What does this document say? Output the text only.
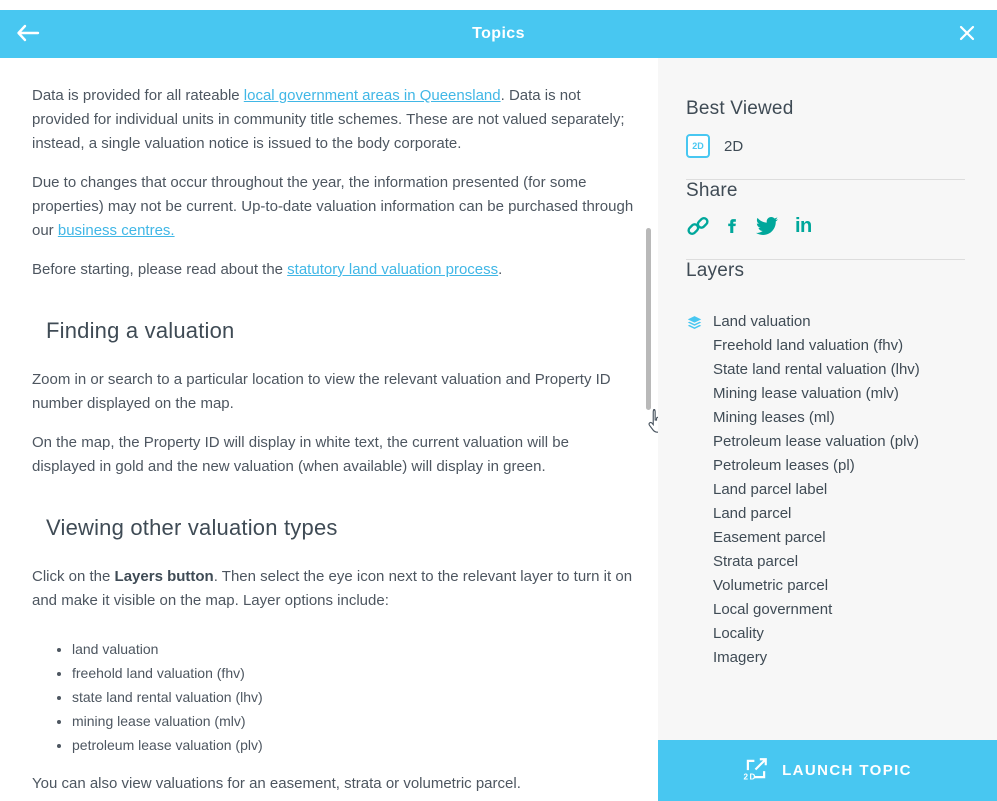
Topics

Data is provided for all rateable local government areas in Queensland. Data is not provided for individual units in community title schemes. These are not valued separately; instead, a single valuation notice is issued to the body corporate.

Due to changes that occur throughout the year, the information presented (for some properties) may not be current. Up-to-date valuation information can be purchased through our business centres.

Before starting, please read about the statutory land valuation process.

Finding a valuation

Zoom in or search to a particular location to view the relevant valuation and Property ID number displayed on the map.

On the map, the Property ID will display in white text, the current valuation will be displayed in gold and the new valuation (when available) will display in green.

Viewing other valuation types

Click on the Layers button. Then select the eye icon next to the relevant layer to turn it on and make it visible on the map. Layer options include:

• land valuation
• freehold land valuation (fhv)
• state land rental valuation (lhv)
• mining lease valuation (mlv)
• petroleum lease valuation (plv)

You can also view valuations for an easement, strata or volumetric parcel.

Best Viewed
2D	2D
Share
in
Layers
Land valuation
Freehold land valuation (fhv)
State land rental valuation (lhv)
Mining lease valuation (mlv)
Mining leases (ml)
Petroleum lease valuation (plv)
Petroleum leases (pl)
Land parcel label
Land parcel
Easement parcel
Strata parcel
Volumetric parcel
Local government
Locality
Imagery
2D LAUNCH TOPIC
